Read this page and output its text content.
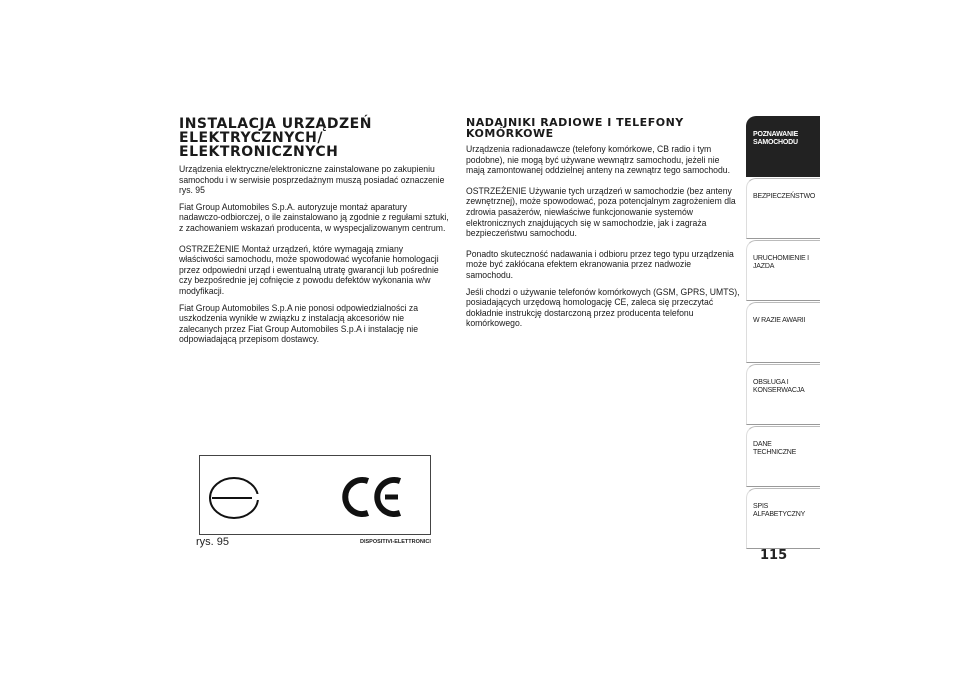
INSTALACJA URZĄDZEŃ
ELEKTRYCZNYCH/
ELEKTRONICZNYCH
Urządzenia elektryczne/elektroniczne zainstalowane po zakupieniu samochodu i w serwisie posprzedażnym muszą posiadać oznaczenie rys. 95
Fiat Group Automobiles S.p.A. autoryzuje montaż aparatury nadawczo-odbiorczej, o ile zainstalowano ją zgodnie z regułami sztuki, z zachowaniem wskazań producenta, w wyspecjalizowanym centrum.
OSTRZEŻENIE Montaż urządzeń, które wymagają zmiany właściwości samochodu, może spowodować wycofanie homologacji przez odpowiedni urząd i ewentualną utratę gwarancji lub pośrednie czy bezpośrednie jej cofnięcie z powodu defektów wykonania w/w modyfikacji.
Fiat Group Automobiles S.p.A nie ponosi odpowiedzialności za uszkodzenia wynikłe w związku z instalacją akcesoriów nie zalecanych przez Fiat Group Automobiles S.p.A i instalację nie odpowiadającą przepisom dostawcy.
NADAJNIKI RADIOWE I TELEFONY
KOMÓRKOWE
Urządzenia radionadawcze (telefony komórkowe, CB radio i tym podobne), nie mogą być używane wewnątrz samochodu, jeżeli nie mają zamontowanej oddzielnej anteny na zewnątrz tego samochodu.
OSTRZEŻENIE Używanie tych urządzeń w samochodzie (bez anteny zewnętrznej), może spowodować, poza potencjalnym zagrożeniem dla zdrowia pasażerów, niewłaściwe funkcjonowanie systemów elektronicznych znajdujących się w samochodzie, jak i zagraża bezpieczeństwu samochodu.
Ponadto skuteczność nadawania i odbioru przez tego typu urządzenia może być zakłócana efektem ekranowania przez nadwozie samochodu.
Jeśli chodzi o używanie telefonów komórkowych (GSM, GPRS, UMTS), posiadających urzędową homologację CE, zaleca się przeczytać dokładnie instrukcję dostarczoną przez producenta telefonu komórkowego.
rys. 95	DISPOSITIVI-ELETTRONICI
POZNAWANIE SAMOCHODU
BEZPIECZEŃSTWO
URUCHOMIENIE I JAZDA
W RAZIE AWARII
OBSŁUGA I KONSERWACJA
DANE TECHNICZNE
SPIS ALFABETYCZNY
115
